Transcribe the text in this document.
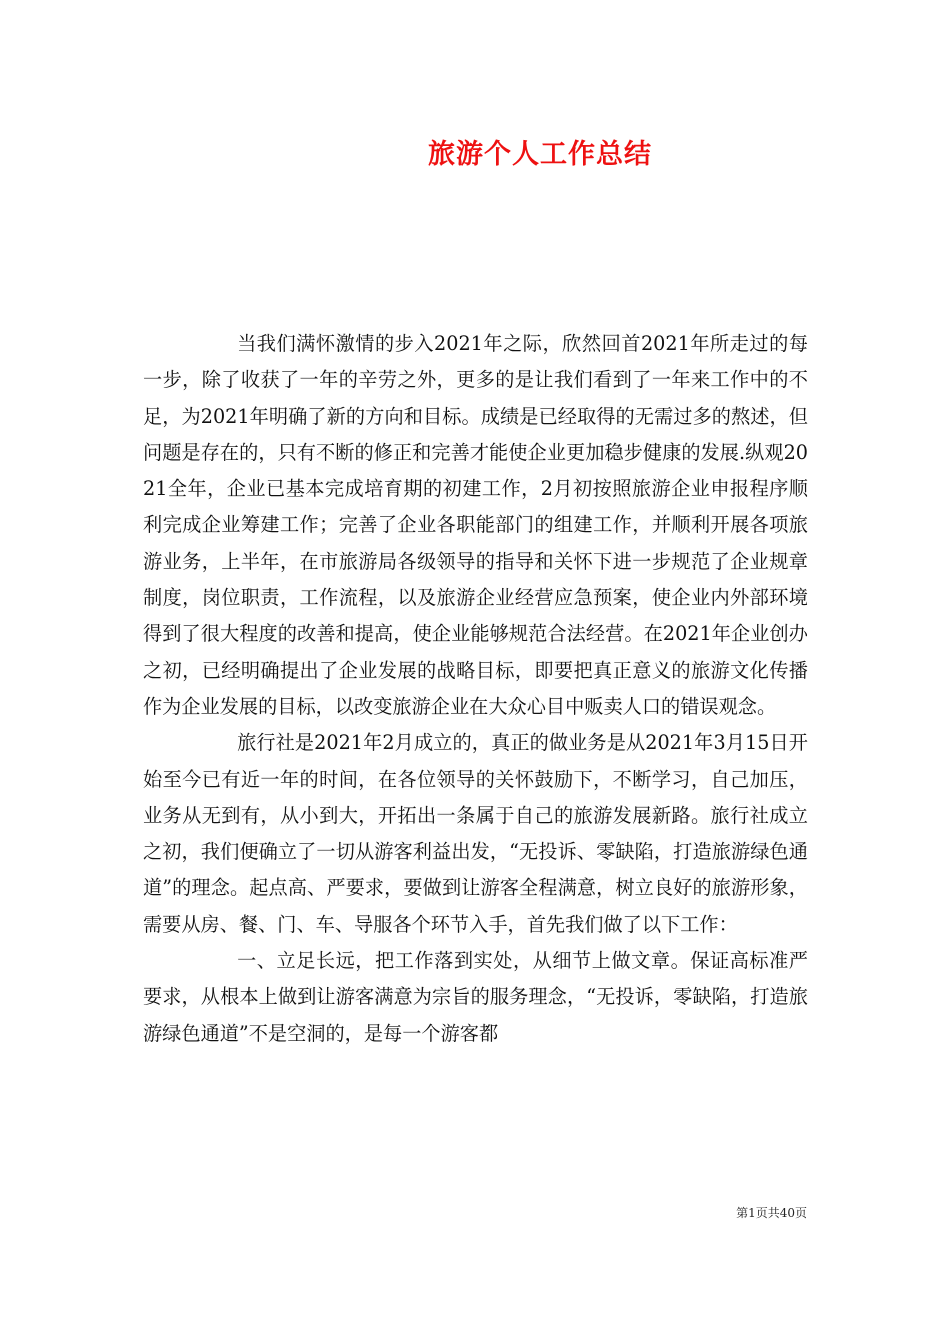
旅游个人工作总结

当我们满怀激情的步入2021年之际，欣然回首2021年所走过的每一步，除了收获了一年的辛劳之外，更多的是让我们看到了一年来工作中的不足，为2021年明确了新的方向和目标。成绩是已经取得的无需过多的熬述，但问题是存在的，只有不断的修正和完善才能使企业更加稳步健康的发展.纵观2021全年，企业已基本完成培育期的初建工作，2月初按照旅游企业申报程序顺利完成企业筹建工作；完善了企业各职能部门的组建工作，并顺利开展各项旅游业务，上半年，在市旅游局各级领导的指导和关怀下进一步规范了企业规章制度，岗位职责，工作流程，以及旅游企业经营应急预案，使企业内外部环境得到了很大程度的改善和提高，使企业能够规范合法经营。在2021年企业创办之初，已经明确提出了企业发展的战略目标，即要把真正意义的旅游文化传播作为企业发展的目标，以改变旅游企业在大众心目中贩卖人口的错误观念。

旅行社是2021年2月成立的，真正的做业务是从2021年3月15日开始至今已有近一年的时间，在各位领导的关怀鼓励下，不断学习，自己加压，业务从无到有，从小到大，开拓出一条属于自己的旅游发展新路。旅行社成立之初，我们便确立了一切从游客利益出发，“无投诉、零缺陷，打造旅游绿色通道”的理念。起点高、严要求，要做到让游客全程满意，树立良好的旅游形象，需要从房、餐、门、车、导服各个环节入手，首先我们做了以下工作：

一、立足长远，把工作落到实处，从细节上做文章。保证高标准严要求，从根本上做到让游客满意为宗旨的服务理念，“无投诉，零缺陷，打造旅游绿色通道”不是空洞的，是每一个游客都

第1页共40页
